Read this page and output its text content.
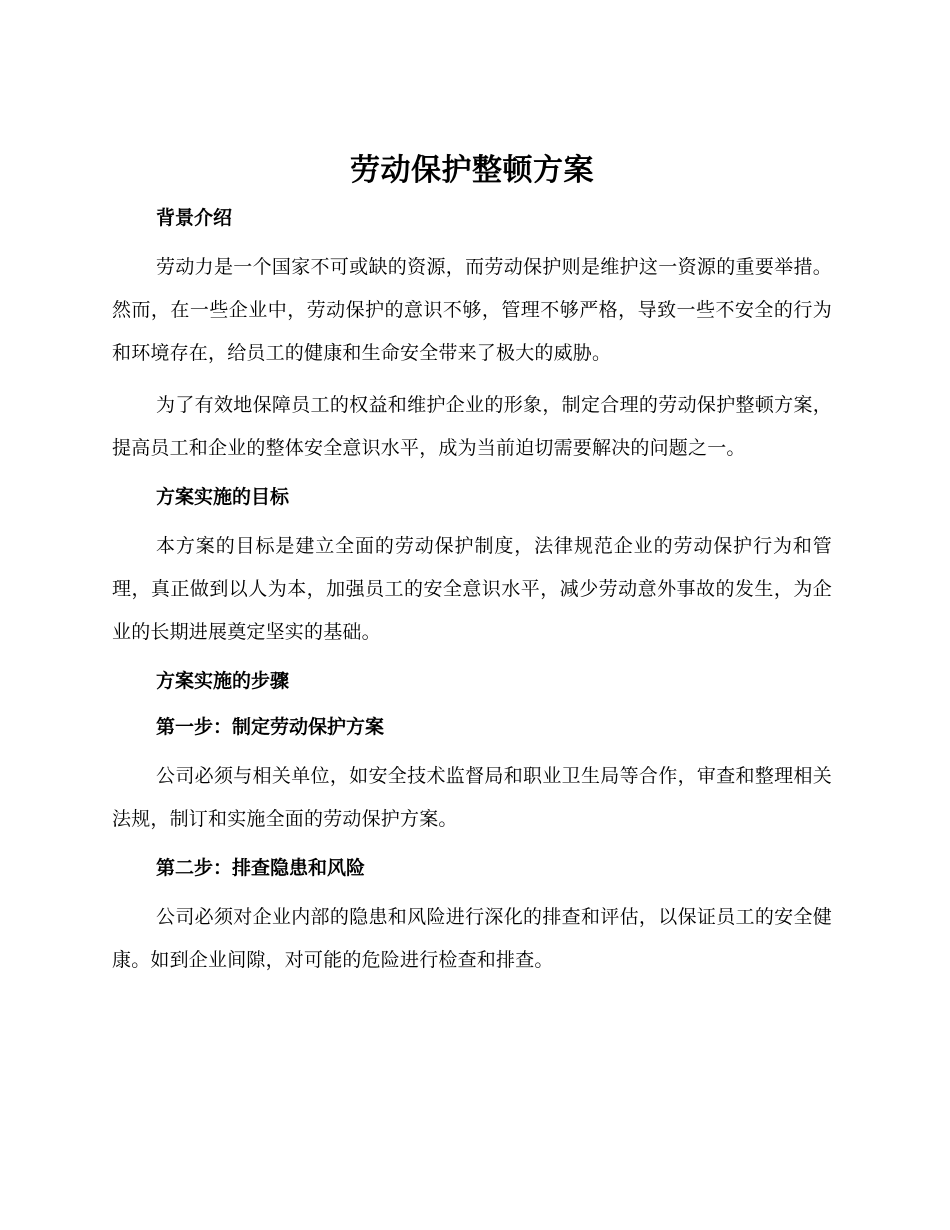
劳动保护整顿方案
背景介绍

劳动力是一个国家不可或缺的资源，而劳动保护则是维护这一资源的重要举措。然而，在一些企业中，劳动保护的意识不够，管理不够严格，导致一些不安全的行为和环境存在，给员工的健康和生命安全带来了极大的威胁。

为了有效地保障员工的权益和维护企业的形象，制定合理的劳动保护整顿方案，提高员工和企业的整体安全意识水平，成为当前迫切需要解决的问题之一。

方案实施的目标

本方案的目标是建立全面的劳动保护制度，法律规范企业的劳动保护行为和管理，真正做到以人为本，加强员工的安全意识水平，减少劳动意外事故的发生，为企业的长期进展奠定坚实的基础。

方案实施的步骤
第一步：制定劳动保护方案

公司必须与相关单位，如安全技术监督局和职业卫生局等合作，审查和整理相关法规，制订和实施全面的劳动保护方案。

第二步：排查隐患和风险

公司必须对企业内部的隐患和风险进行深化的排查和评估，以保证员工的安全健康。如到企业间隙，对可能的危险进行检查和排查。
